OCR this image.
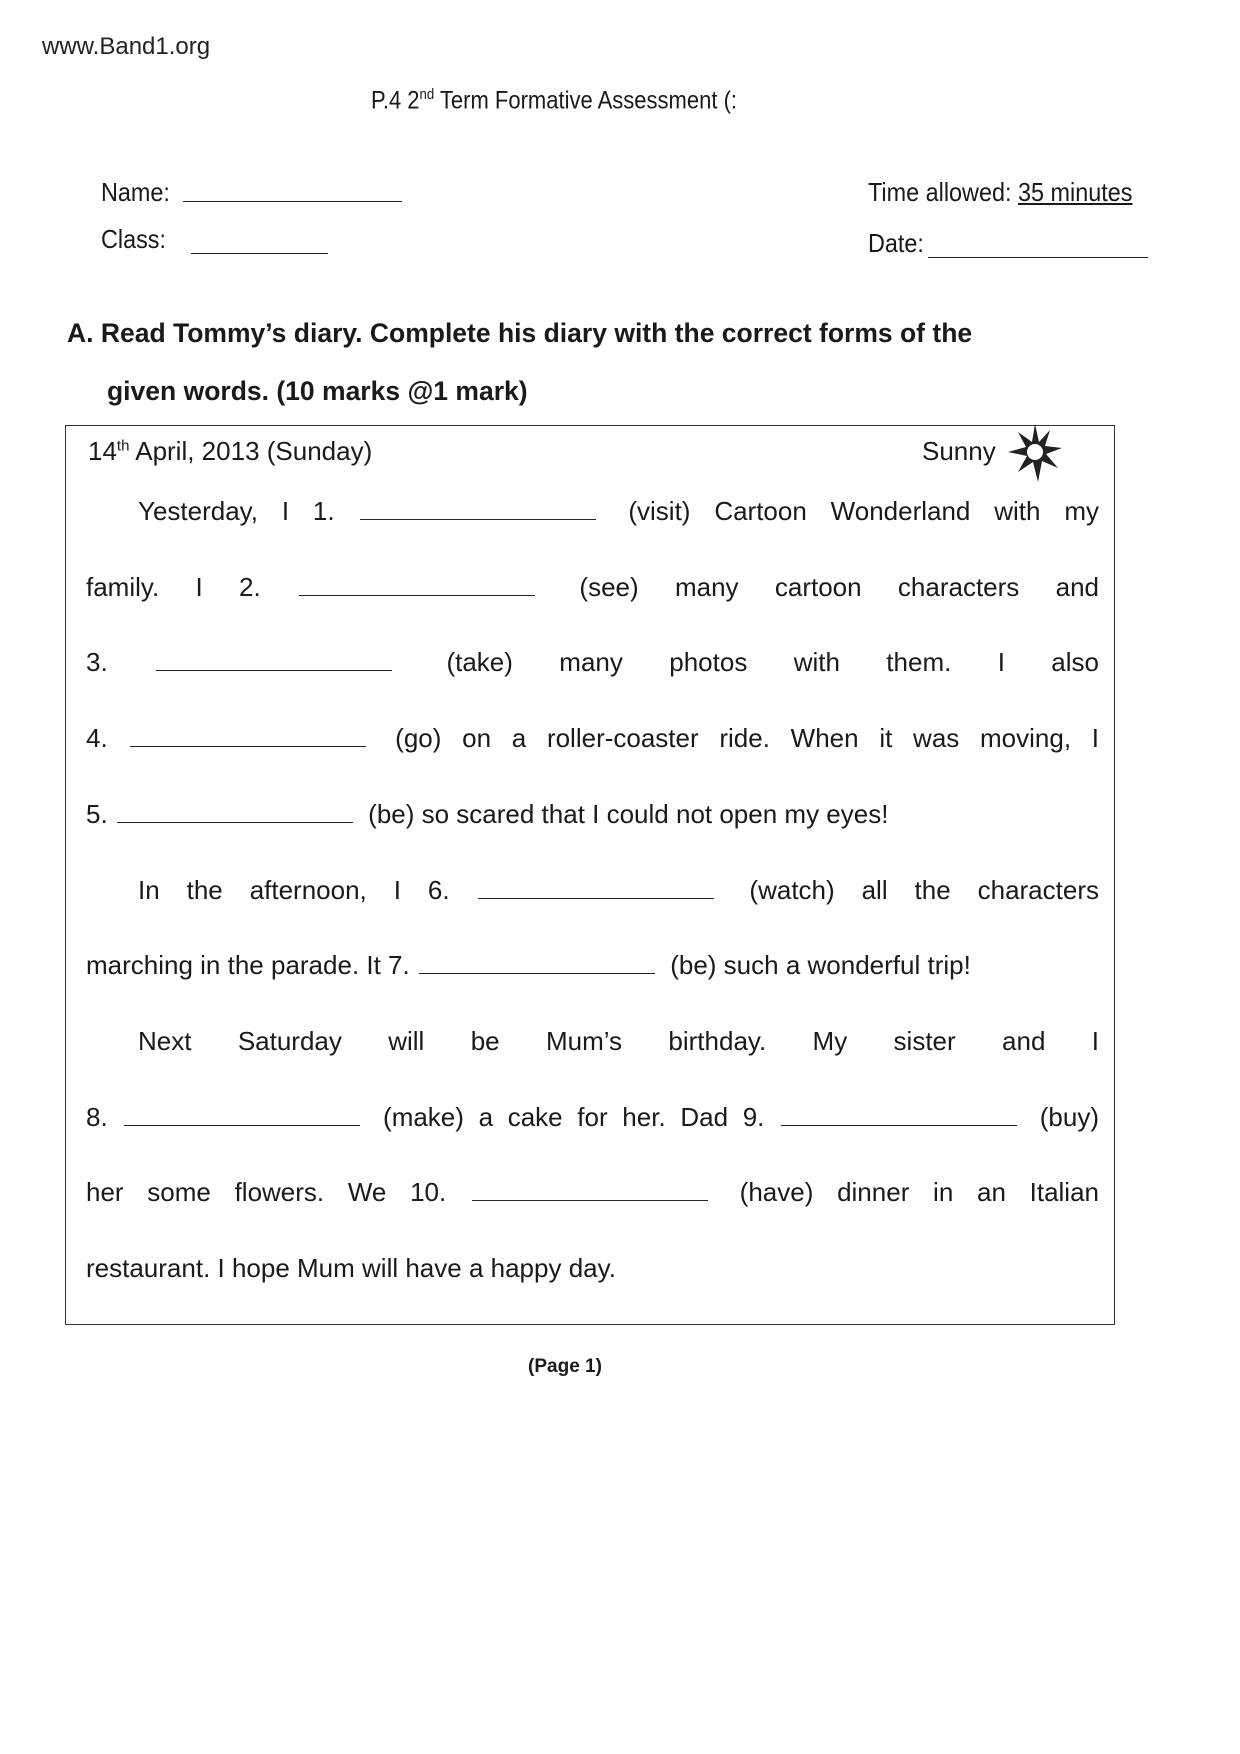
www.Band1.org
P.4 2nd Term Formative Assessment (:
Name:
Class:
Time allowed: 35 minutes
Date:
A. Read Tommy’s diary. Complete his diary with the correct forms of the
given words. (10 marks @1 mark)
14th April, 2013 (Sunday)	Sunny
Yesterday, I 1.	(visit) Cartoon Wonderland with my
family. I 2.	(see) many cartoon characters and
3.	(take) many photos with them. I also
4.	(go) on a roller-coaster ride. When it was moving, I
5.	(be) so scared that I could not open my eyes!
In the afternoon, I 6.	(watch) all the characters
marching in the parade. It 7.	(be) such a wonderful trip!
Next Saturday will be Mum’s birthday. My sister and I
8.	(make) a cake for her. Dad 9.	(buy)
her some flowers. We 10.	(have) dinner in an Italian
restaurant. I hope Mum will have a happy day.
(Page 1)
